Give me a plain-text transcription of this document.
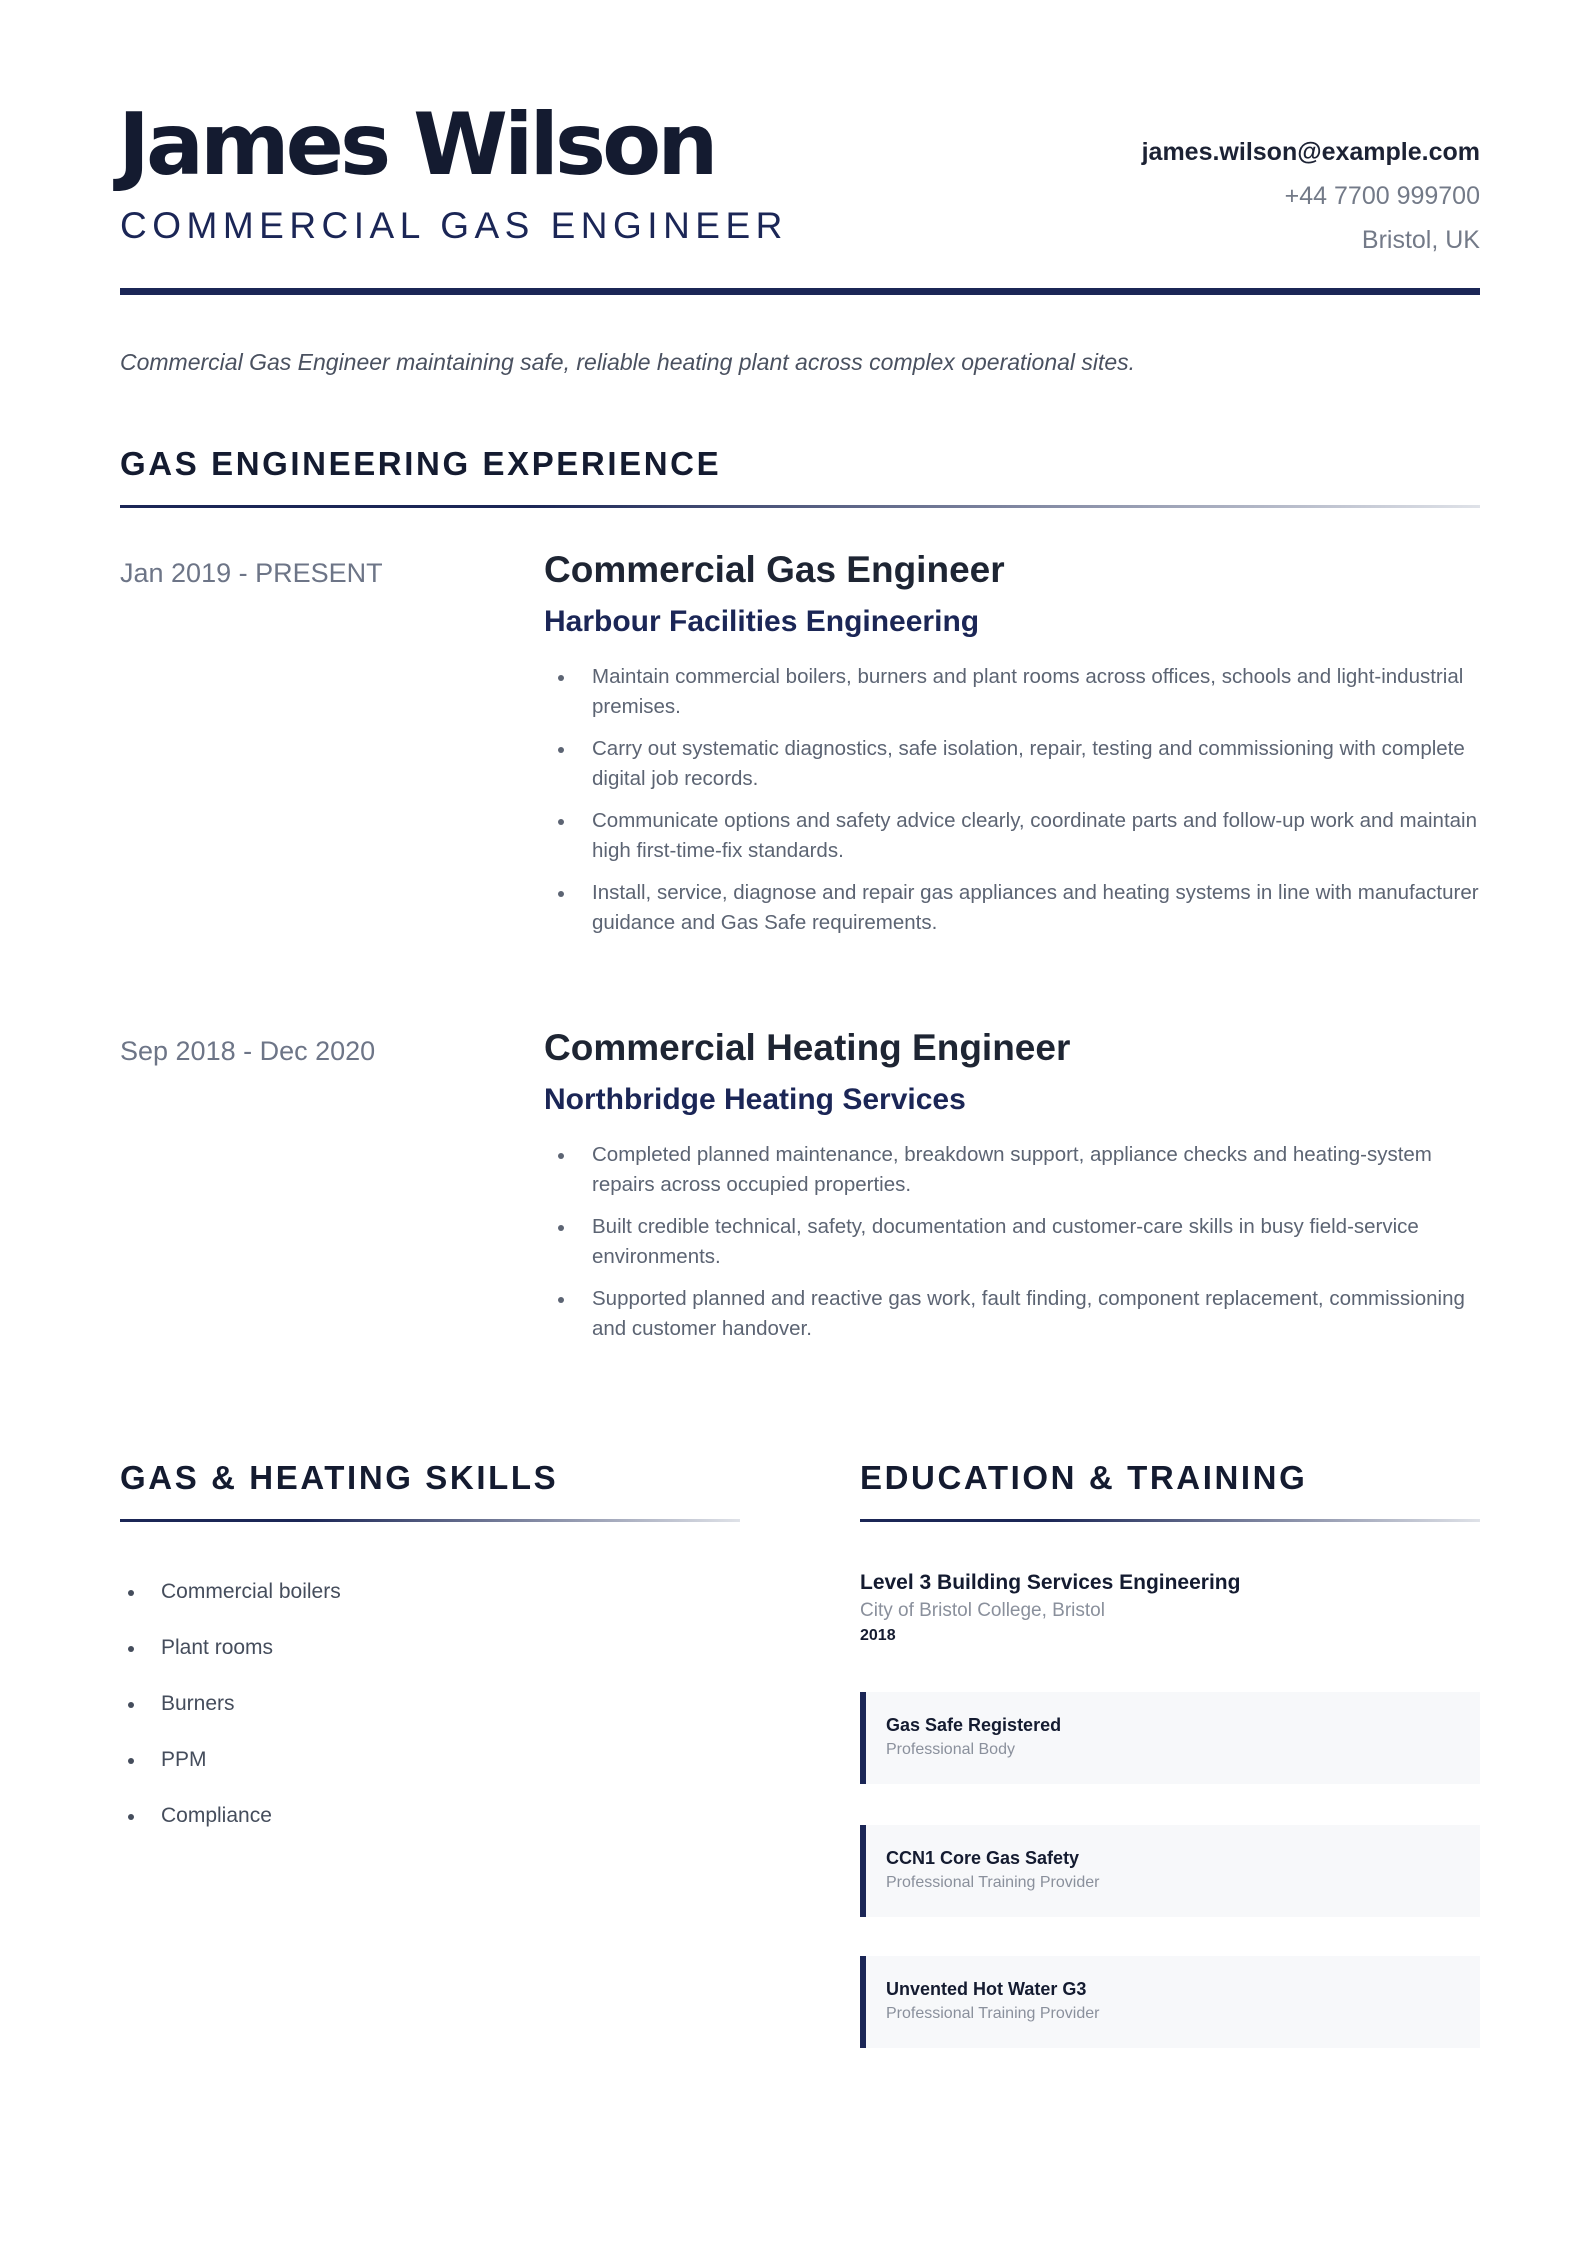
James Wilson
COMMERCIAL GAS ENGINEER
james.wilson@example.com
+44 7700 999700
Bristol, UK

Commercial Gas Engineer maintaining safe, reliable heating plant across complex operational sites.

GAS ENGINEERING EXPERIENCE
Jan 2019 - PRESENT	Commercial Gas Engineer
Harbour Facilities Engineering
Maintain commercial boilers, burners and plant rooms across offices, schools and light-industrial premises.
Carry out systematic diagnostics, safe isolation, repair, testing and commissioning with complete digital job records.
Communicate options and safety advice clearly, coordinate parts and follow-up work and maintain high first-time-fix standards.
Install, service, diagnose and repair gas appliances and heating systems in line with manufacturer guidance and Gas Safe requirements.
Sep 2018 - Dec 2020	Commercial Heating Engineer
Northbridge Heating Services
Completed planned maintenance, breakdown support, appliance checks and heating-system repairs across occupied properties.
Built credible technical, safety, documentation and customer-care skills in busy field-service environments.
Supported planned and reactive gas work, fault finding, component replacement, commissioning and customer handover.
GAS & HEATING SKILLS
Commercial boilers
Plant rooms
Burners
PPM
Compliance
EDUCATION & TRAINING
Level 3 Building Services Engineering
City of Bristol College, Bristol
2018
Gas Safe Registered
Professional Body
CCN1 Core Gas Safety
Professional Training Provider
Unvented Hot Water G3
Professional Training Provider
